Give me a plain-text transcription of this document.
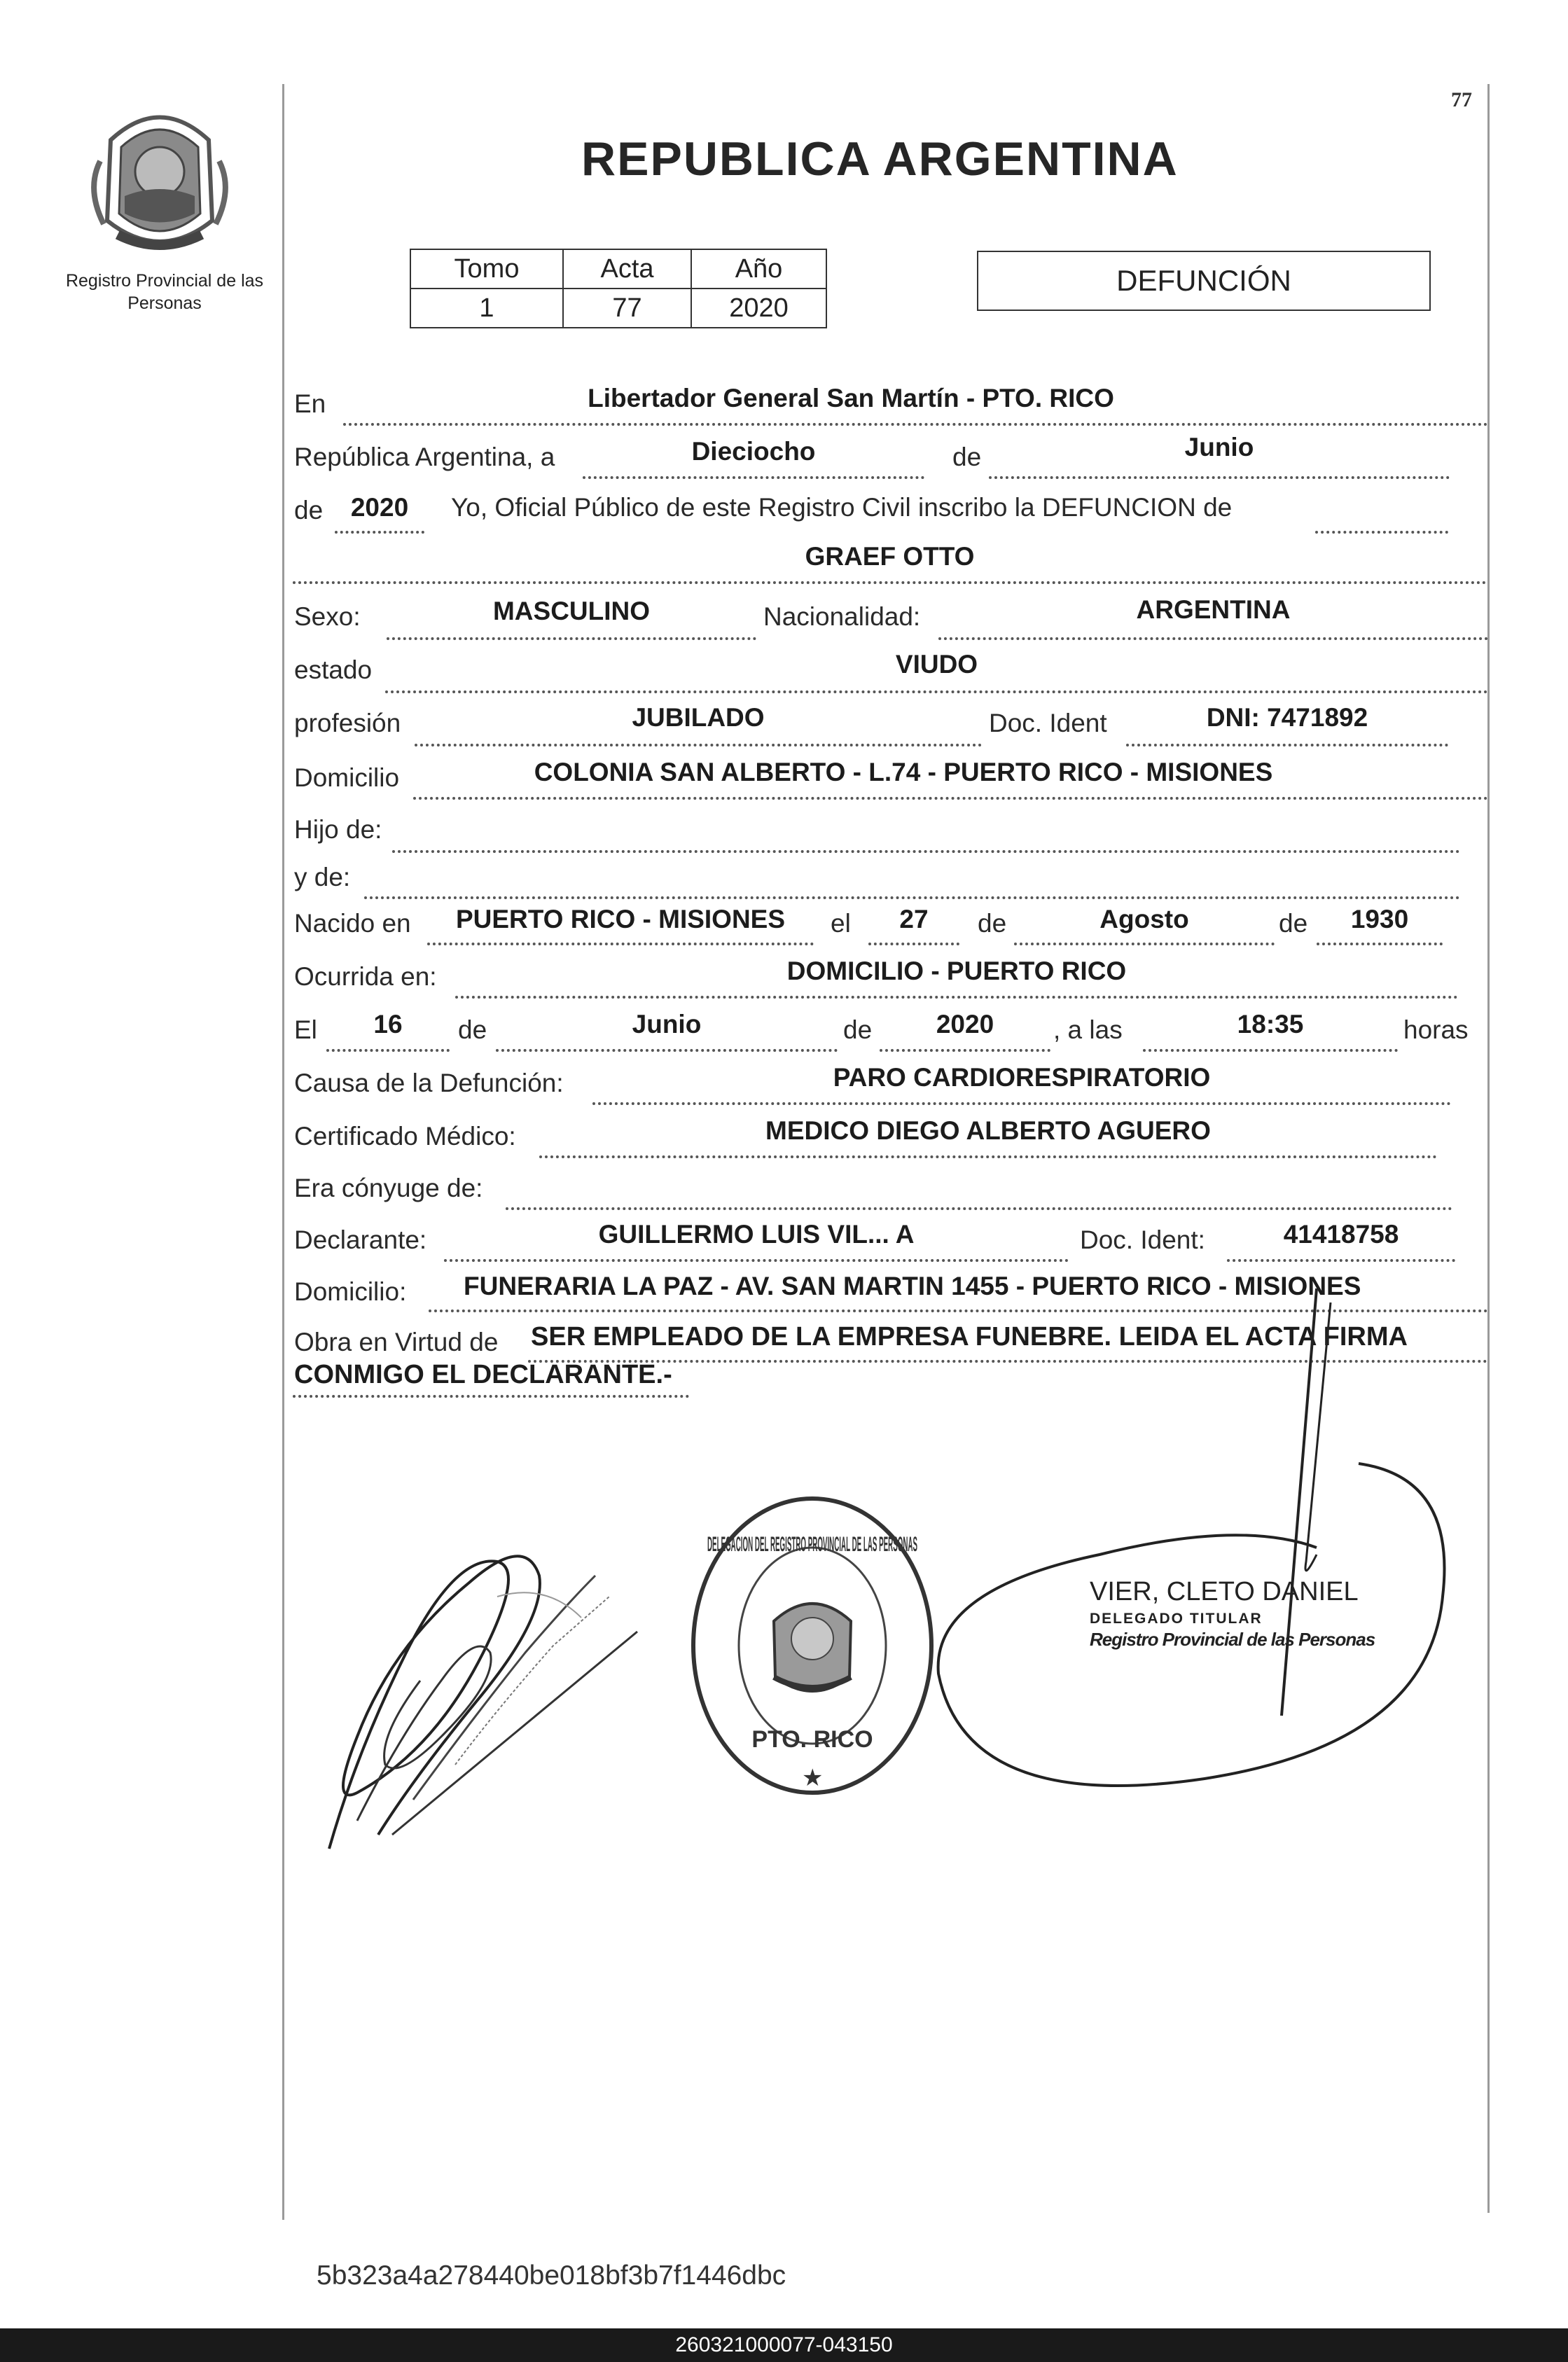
Registro Provincial de las Personas
77
REPUBLICA ARGENTINA
Tomo	Acta	Año
1	77	2020
DEFUNCIÓN
En	Libertador General San Martín - PTO. RICO
República Argentina, a	Dieciocho	de	Junio
de	2020	Yo, Oficial Público de este Registro Civil inscribo la DEFUNCION de
GRAEF OTTO
Sexo:	MASCULINO	Nacionalidad:	ARGENTINA
estado	VIUDO
profesión	JUBILADO	Doc. Ident	DNI: 7471892
Domicilio	COLONIA SAN ALBERTO - L.74 - PUERTO RICO - MISIONES
Hijo de:
y de:
Nacido en	PUERTO RICO - MISIONES	el	27	de	Agosto	de	1930
Ocurrida en:	DOMICILIO - PUERTO RICO
El	16	de	Junio	de	2020	, a las	18:35	horas
Causa de la Defunción:	PARO CARDIORESPIRATORIO
Certificado Médico:	MEDICO DIEGO ALBERTO AGUERO
Era cónyuge de:
Declarante:	GUILLERMO LUIS VIL... A	Doc. Ident:	41418758
Domicilio:	FUNERARIA LA PAZ - AV. SAN MARTIN 1455 - PUERTO RICO - MISIONES
Obra en Virtud de SER EMPLEADO DE LA EMPRESA FUNEBRE. LEIDA EL ACTA FIRMA
CONMIGO EL DECLARANTE.-
DELEGACION DEL REGISTRO PROVINCIAL DE LAS PERSONAS
PTO. RICO
★
VIER, CLETO DANIEL
DELEGADO TITULAR
Registro Provincial de las Personas
5b323a4a278440be018bf3b7f1446dbc
260321000077-043150
